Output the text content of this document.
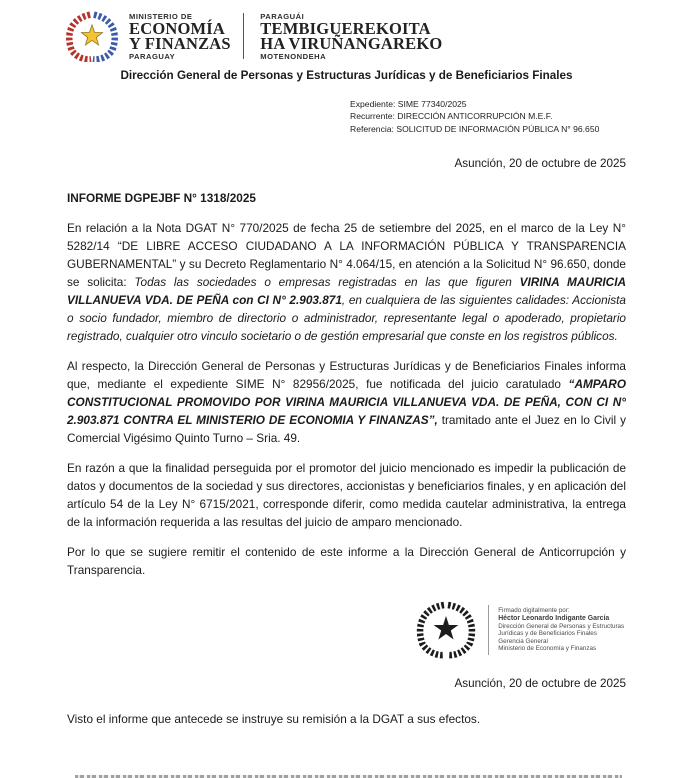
MINISTERIO DE
ECONOMÍA
Y FINANZAS
PARAGUAY
PARAGUÁI
TEMBIGUEREKOITA
HA VIRUÑANGAREKO
MOTENONDEHA
Dirección General de Personas y Estructuras Jurídicas y de Beneficiarios Finales
Expediente: SIME 77340/2025
Recurrente: DIRECCIÓN ANTICORRUPCIÓN M.E.F.
Referencia: SOLICITUD DE INFORMACIÓN PÚBLICA N° 96.650
Asunción, 20 de octubre de 2025
INFORME DGPEJBF N° 1318/2025

En relación a la Nota DGAT N° 770/2025 de fecha 25 de setiembre del 2025, en el marco de la Ley N° 5282/14 “DE LIBRE ACCESO CIUDADANO A LA INFORMACIÓN PÚBLICA Y TRANSPARENCIA GUBERNAMENTAL” y su Decreto Reglamentario N° 4.064/15, en atención a la Solicitud N° 96.650, donde se solicita: Todas las sociedades o empresas registradas en las que figuren VIRINA MAURICIA VILLANUEVA VDA. DE PEÑA con CI N° 2.903.871, en cualquiera de las siguientes calidades: Accionista o socio fundador, miembro de directorio o administrador, representante legal o apoderado, propietario registrado, cualquier otro vinculo societario o de gestión empresarial que conste en los registros públicos.

Al respecto, la Dirección General de Personas y Estructuras Jurídicas y de Beneficiarios Finales informa que, mediante el expediente SIME N° 82956/2025, fue notificada del juicio caratulado “AMPARO CONSTITUCIONAL PROMOVIDO POR VIRINA MAURICIA VILLANUEVA VDA. DE PEÑA, CON CI N° 2.903.871 CONTRA EL MINISTERIO DE ECONOMIA Y FINANZAS”, tramitado ante el Juez en lo Civil y Comercial Vigésimo Quinto Turno – Sria. 49.

En razón a que la finalidad perseguida por el promotor del juicio mencionado es impedir la publicación de datos y documentos de la sociedad y sus directores, accionistas y beneficiarios finales, y en aplicación del artículo 54 de la Ley N° 6715/2021, corresponde diferir, como medida cautelar administrativa, la entrega de la información requerida a las resultas del juicio de amparo mencionado.

Por lo que se sugiere remitir el contenido de este informe a la Dirección General de Anticorrupción y Transparencia.

Firmado digitalmente por:
Héctor Leonardo Indigante García
Dirección General de Personas y Estructuras Jurídicas y de Beneficiarios Finales
Gerencia General
Ministerio de Economía y Finanzas
Asunción, 20 de octubre de 2025
Visto el informe que antecede se instruye su remisión a la DGAT a sus efectos.
